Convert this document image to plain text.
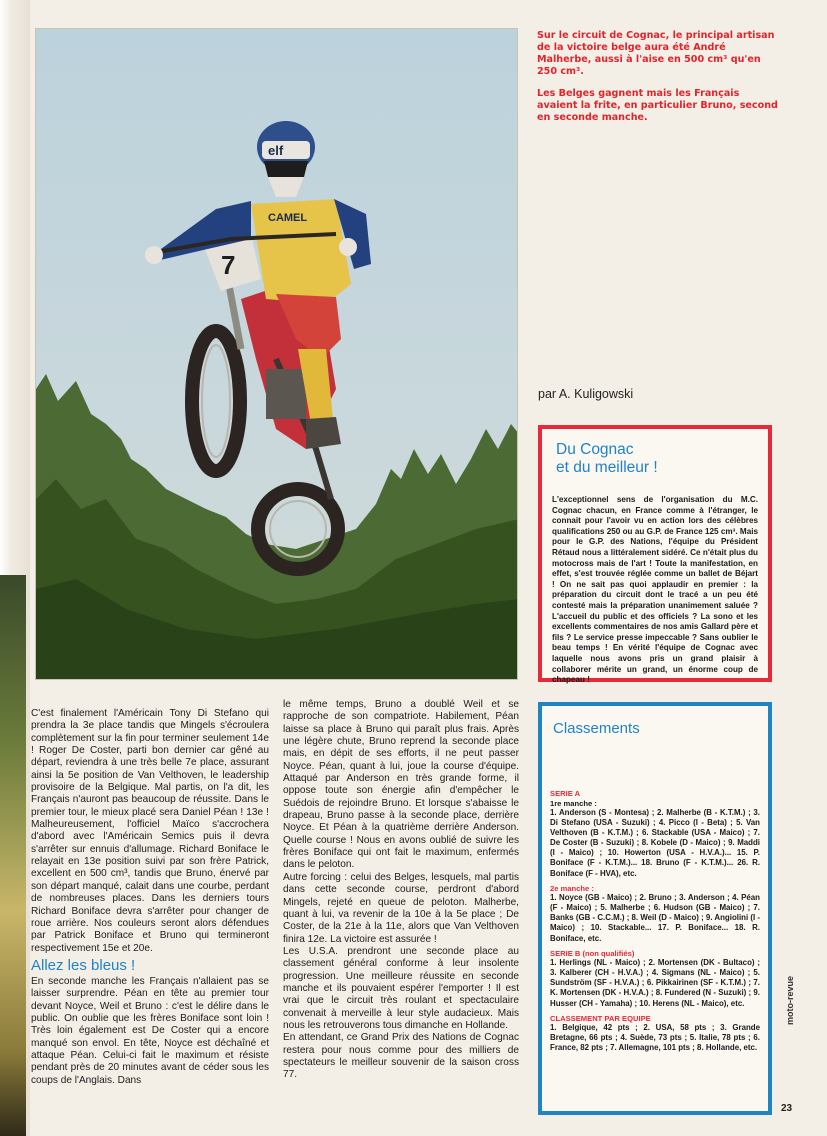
7
CAMEL
elf

Sur le circuit de Cognac, le principal artisan de la victoire belge aura été André Malherbe, aussi à l'aise en 500 cm³ qu'en 250 cm³.

Les Belges gagnent mais les Français avaient la frite, en particulier Bruno, second en seconde manche.

par A. Kuligowski
Du Cognac
et du meilleur !
L'exceptionnel sens de l'organisation du M.C. Cognac chacun, en France comme à l'étranger, le connait pour l'avoir vu en action lors des célèbres qualifications 250 ou au G.P. de France 125 cm³. Mais pour le G.P. des Nations, l'équipe du Président Rétaud nous a littéralement sidéré. Ce n'était plus du motocross mais de l'art ! Toute la manifestation, en effet, s'est trouvée réglée comme un ballet de Béjart ! On ne sait pas quoi applaudir en premier : la préparation du circuit dont le tracé a un peu été contesté mais la préparation unanimement saluée ? L'accueil du public et des officiels ? La sono et les excellents commentaires de nos amis Gallard père et fils ? Le service presse impeccable ? Sans oublier le beau temps ! En vérité l'équipe de Cognac avec laquelle nous avons pris un grand plaisir à collaborer mérite un grand, un énorme coup de chapeau !
Classements
SERIE A
1re manche :
1. Anderson (S - Montesa) ; 2. Malherbe (B - K.T.M.) ; 3. Di Stefano (USA - Suzuki) ; 4. Picco (I - Beta) ; 5. Van Velthoven (B - K.T.M.) ; 6. Stackable (USA - Maico) ; 7. De Coster (B - Suzuki) ; 8. Kobele (D - Maico) ; 9. Maddi (I - Maico) ; 10. Howerton (USA - H.V.A.)... 15. P. Boniface (F - K.T.M.)... 18. Bruno (F - K.T.M.)... 26. R. Boniface (F - HVA), etc.
2e manche :
1. Noyce (GB - Maico) ; 2. Bruno ; 3. Anderson ; 4. Péan (F - Maico) ; 5. Malherbe ; 6. Hudson (GB - Maico) ; 7. Banks (GB - C.C.M.) ; 8. Weil (D - Maico) ; 9. Angiolini (I - Maico) ; 10. Stackable... 17. P. Boniface... 18. R. Boniface, etc.
SERIE B (non qualifiés)
1. Herlings (NL - Maico) ; 2. Mortensen (DK - Bultaco) ; 3. Kalberer (CH - H.V.A.) ; 4. Sigmans (NL - Maico) ; 5. Sundström (SF - H.V.A.) ; 6. Pikkairinen (SF - K.T.M.) ; 7. K. Mortensen (DK - H.V.A.) ; 8. Fundered (N - Suzuki) ; 9. Husser (CH - Yamaha) ; 10. Herens (NL - Maico), etc.
CLASSEMENT PAR EQUIPE
1. Belgique, 42 pts ; 2. USA, 58 pts ; 3. Grande Bretagne, 66 pts ; 4. Suède, 73 pts ; 5. Italie, 78 pts ; 6. France, 82 pts ; 7. Allemagne, 101 pts ; 8. Hollande, etc.

C'est finalement l'Américain Tony Di Stefano qui prendra la 3e place tandis que Mingels s'écroulera complètement sur la fin pour terminer seulement 14e ! Roger De Coster, parti bon dernier car gêné au départ, reviendra à une très belle 7e place, assurant ainsi la 5e position de Van Velthoven, le leadership provisoire de la Belgique. Mal partis, on l'a dit, les Français n'auront pas beaucoup de réussite. Dans le premier tour, le mieux placé sera Daniel Péan ! 13e ! Malheureusement, l'officiel Maïco s'accrochera d'abord avec l'Américain Semics puis il devra s'arrêter sur ennuis d'allumage. Richard Boniface le relayait en 13e position suivi par son frère Patrick, excellent en 500 cm³, tandis que Bruno, énervé par son départ manqué, calait dans une courbe, perdant de nombreuses places. Dans les derniers tours Richard Boniface devra s'arrêter pour changer de roue arrière. Nos couleurs seront alors défendues par Patrick Boniface et Bruno qui termineront respectivement 15e et 20e.

Allez les bleus !

En seconde manche les Français n'allaient pas se laisser surprendre. Péan en tête au premier tour devant Noyce, Weil et Bruno : c'est le délire dans le public. On oublie que les frères Boniface sont loin ! Très loin également est De Coster qui a encore manqué son envol. En tête, Noyce est déchaîné et attaque Péan. Celui-ci fait le maximum et résiste pendant près de 20 minutes avant de céder sous les coups de l'Anglais. Dans

le même temps, Bruno a doublé Weil et se rapproche de son compatriote. Habilement, Péan laisse sa place à Bruno qui paraît plus frais. Après une légère chute, Bruno reprend la seconde place mais, en dépit de ses efforts, il ne peut passer Noyce. Péan, quant à lui, joue la course d'équipe. Attaqué par Anderson en très grande forme, il oppose toute son énergie afin d'empêcher le Suédois de rejoindre Bruno. Et lorsque s'abaisse le drapeau, Bruno passe à la seconde place, derrière Noyce. Et Péan à la quatrième derrière Anderson. Quelle course ! Nous en avons oublié de suivre les frères Boniface qui ont fait le maximum, enfermés dans le peloton.

Autre forcing : celui des Belges, lesquels, mal partis dans cette seconde course, perdront d'abord Mingels, rejeté en queue de peloton. Malherbe, quant à lui, va revenir de la 10e à la 5e place ; De Coster, de la 21e à la 11e, alors que Van Velthoven finira 12e. La victoire est assurée !

Les U.S.A. prendront une seconde place au classement général conforme à leur insolente progression. Une meilleure réussite en seconde manche et ils pouvaient espérer l'emporter ! Il est vrai que le circuit très roulant et spectaculaire convenait à merveille à leur style audacieux. Mais nous les retrouverons tous dimanche en Hollande.

En attendant, ce Grand Prix des Nations de Cognac restera pour nous comme pour des milliers de spectateurs le meilleur souvenir de la saison cross 77.

moto-revue
23
